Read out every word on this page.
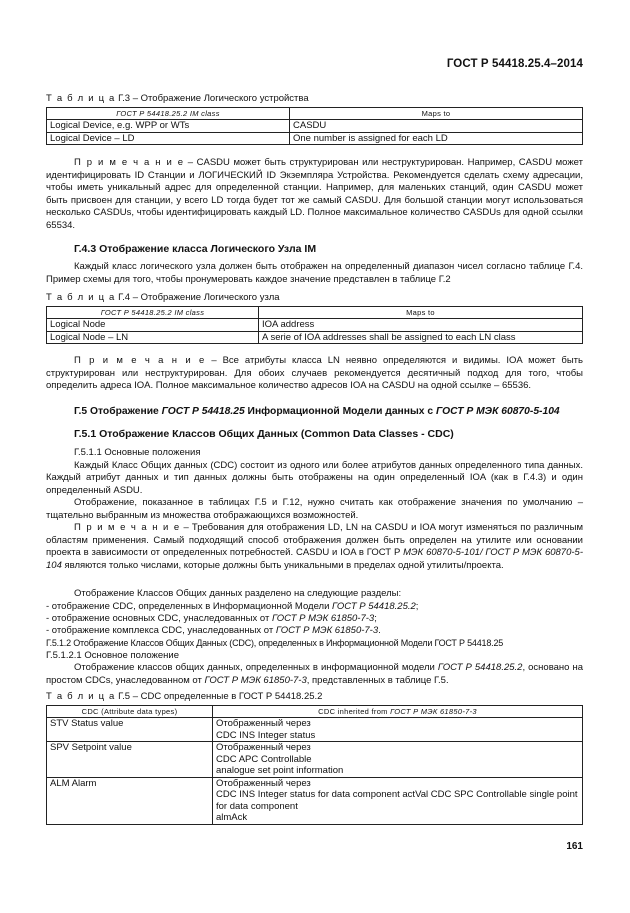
ГОСТ Р 54418.25.4–2014
Т а б л и ц а Г.3 – Отображение Логического устройства
ГОСТ Р 54418.25.2 IM class	Maps to
Logical Device, e.g. WPP or WTs	CASDU
Logical Device – LD	One number is assigned for each LD

П р и м е ч а н и е – CASDU может быть структурирован или неструктурирован. Например, CASDU может идентифицировать ID Станции и ЛОГИЧЕСКИЙ ID Экземпляра Устройства. Рекомендуется сделать схему адресации, чтобы иметь уникальный адрес для определенной станции. Например, для маленьких станций, один CASDU может быть присвоен для станции, у всего LD тогда будет тот же самый CASDU. Для большой станции могут использоваться несколько CASDUs, чтобы идентифицировать каждый LD. Полное максимальное количество CASDUs для одной ссылки 65534.

Г.4.3 Отображение класса Логического Узла IM

Каждый класс логического узла должен быть отображен на определенный диапазон чисел согласно таблице Г.4. Пример схемы для того, чтобы пронумеровать каждое значение представлен в таблице Г.2

Т а б л и ц а Г.4 – Отображение Логического узла
ГОСТ Р 54418.25.2 IM class	Maps to
Logical Node	IOA address
Logical Node – LN	A serie of IOA addresses shall be assigned to each LN class

П р и м е ч а н и е – Все атрибуты класса LN неявно определяются и видимы. IOA может быть структурирован или неструктурирован. Для обоих случаев рекомендуется десятичный подход для того, чтобы определить адреса IOA. Полное максимальное количество адресов IOA на CASDU на одной ссылке – 65536.

Г.5 Отображение ГОСТ Р 54418.25 Информационной Модели данных с ГОСТ Р МЭК 60870-5-104
Г.5.1 Отображение Классов Общих Данных (Common Data Classes - CDC)

Г.5.1.1 Основные положения

Каждый Класс Общих данных (CDC) состоит из одного или более атрибутов данных определенного типа данных. Каждый атрибут данных и тип данных должны быть отображены на один определенный IOA (как в Г.4.3) и один определенный ASDU.

Отображение, показанное в таблицах Г.5 и Г.12, нужно считать как отображение значения по умолчанию – тщательно выбранным из множества отображающихся возможностей.

П р и м е ч а н и е – Требования для отображения LD, LN на CASDU и IOA могут изменяться по различным областям применения. Самый подходящий способ отображения должен быть определен на утилите или основании проекта в зависимости от определенных потребностей. CASDU и IOA в ГОСТ Р МЭК 60870-5-101/ ГОСТ Р МЭК 60870-5-104 являются только числами, которые должны быть уникальными в пределах одной утилиты/проекта.

Отображение Классов Общих данных разделено на следующие разделы:

- отображение CDC, определенных в Информационной Модели ГОСТ Р 54418.25.2;

- отображение основных CDC, унаследованных от ГОСТ Р МЭК 61850-7-3;

- отображение комплекса CDC, унаследованных от ГОСТ Р МЭК 61850-7-3.

Г.5.1.2 Отображение Классов Общих Данных (CDC), определенных в Информационной Модели ГОСТ Р 54418.25

Г.5.1.2.1 Основное положение

Отображение классов общих данных, определенных в информационной модели ГОСТ Р 54418.25.2, основано на простом CDCs, унаследованном от ГОСТ Р МЭК 61850-7-3, представленных в таблице Г.5.

Т а б л и ц а Г.5 – CDC определенные в ГОСТ Р 54418.25.2
CDC (Attribute data types)	CDC inherited from ГОСТ Р МЭК 61850-7-3
STV Status value	Отображенный через
CDC INS Integer status

SPV Setpoint value	Отображенный через
CDC APC Controllable
analogue set point information

ALM Alarm	Отображенный через
CDC INS Integer status for data component actVal CDC SPC Controllable single point for data component
almAck
161
